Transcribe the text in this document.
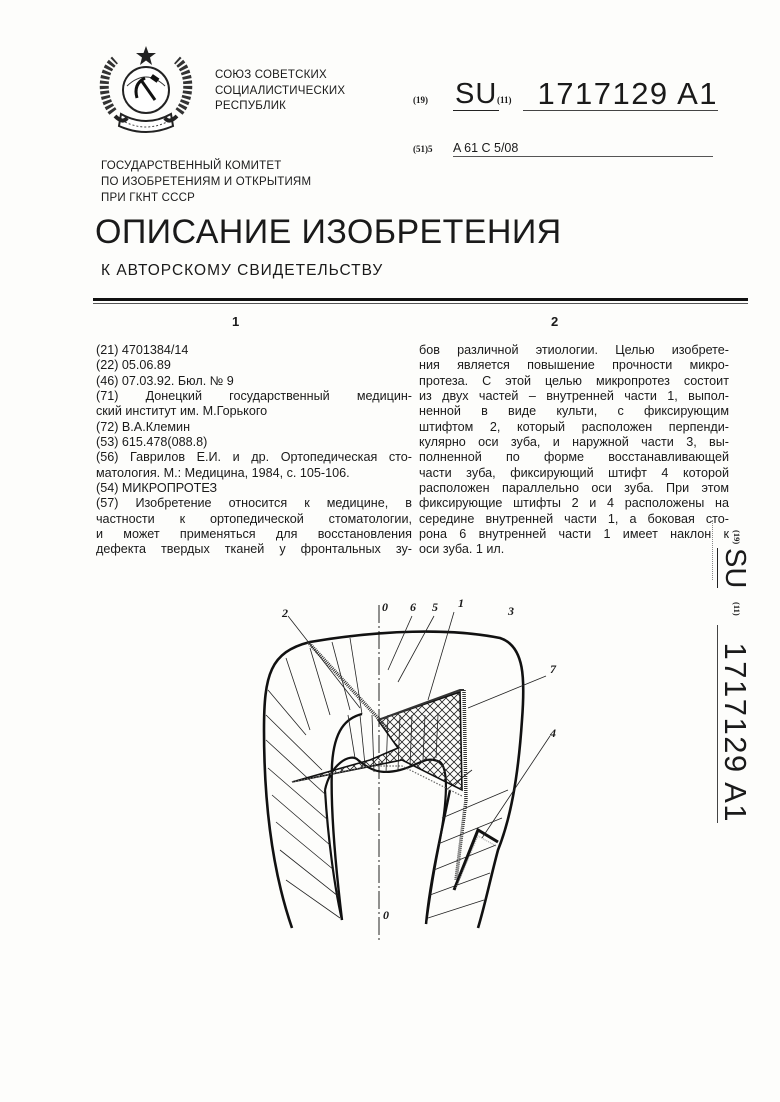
СОЮЗ СОВЕТСКИХ
СОЦИАЛИСТИЧЕСКИХ
РЕСПУБЛИК	(19) SU (11) 1717129 A1
(51)5 A 61 C 5/08
ГОСУДАРСТВЕННЫЙ КОМИТЕТ
ПО ИЗОБРЕТЕНИЯМ И ОТКРЫТИЯМ
ПРИ ГКНТ СССР
ОПИСАНИЕ ИЗОБРЕТЕНИЯ
К АВТОРСКОМУ СВИДЕТЕЛЬСТВУ
1	2
(21) 4701384/14
(22) 05.06.89
(46) 07.03.92. Бюл. № 9
(71) Донецкий государственный медицин-
ский институт им. М.Горького
(72) В.А.Клемин
(53) 615.478(088.8)
(56) Гаврилов Е.И. и др. Ортопедическая сто-
матология. М.: Медицина, 1984, с. 105-106.
(54) МИКРОПРОТЕЗ
(57) Изобретение относится к медицине, в
частности к ортопедической стоматологии,
и может применяться для восстановления
дефекта твердых тканей у фронтальных зу-
бов различной этиологии. Целью изобрете-
ния является повышение прочности микро-
протеза. С этой целью микропротез состоит
из двух частей – внутренней части 1, выпол-
ненной в виде культи, с фиксирующим
штифтом 2, который расположен перпенди-
кулярно оси зуба, и наружной части 3, вы-
полненной по форме восстанавливающей
части зуба, фиксирующий штифт 4 которой
расположен параллельно оси зуба. При этом
фиксирующие штифты 2 и 4 расположены на
середине внутренней части 1, а боковая сто-
рона 6 внутренней части 1 имеет наклон к
оси зуба. 1 ил.
(19)
SU
(11)
1717129 A1
0
0
2	6 5 1
3
7
4
